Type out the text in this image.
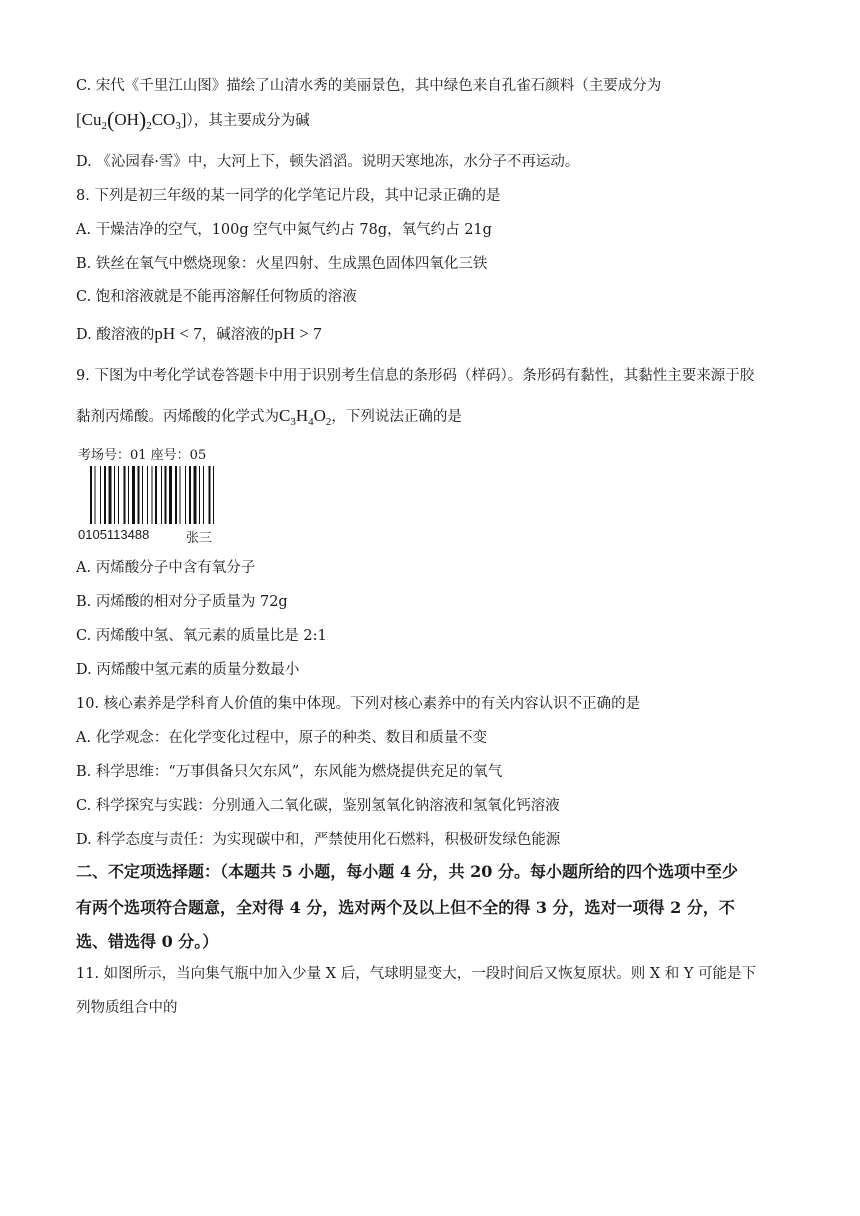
C. 宋代《千里江山图》描绘了山清水秀的美丽景色，其中绿色来自孔雀石颜料（主要成分为
$[Cu_2(OH)_2CO_3]$），其主要成分为碱
D. 《沁园春·雪》中，大河上下，顿失滔滔。说明天寒地冻，水分子不再运动。
8. 下列是初三年级的某一同学的化学笔记片段，其中记录正确的是
A. 干燥洁净的空气，100g 空气中氮气约占 78g，氧气约占 21g
B. 铁丝在氧气中燃烧现象：火星四射、生成黑色固体四氧化三铁
C. 饱和溶液就是不能再溶解任何物质的溶液
D. 酸溶液的pH < 7，碱溶液的pH > 7
9. 下图为中考化学试卷答题卡中用于识别考生信息的条形码（样码）。条形码有黏性，其黏性主要来源于胶
黏剂丙烯酸。丙烯酸的化学式为$C_3H_4O_2$，下列说法正确的是
考场号：01 座号：05
0105113488	张三
A. 丙烯酸分子中含有氧分子
B. 丙烯酸的相对分子质量为 72g
C. 丙烯酸中氢、氧元素的质量比是 2:1
D. 丙烯酸中氢元素的质量分数最小
10. 核心素养是学科育人价值的集中体现。下列对核心素养中的有关内容认识不正确的是
A. 化学观念：在化学变化过程中，原子的种类、数目和质量不变
B. 科学思维：“万事俱备只欠东风”，东风能为燃烧提供充足的氧气
C. 科学探究与实践：分别通入二氧化碳，鉴别氢氧化钠溶液和氢氧化钙溶液
D. 科学态度与责任：为实现碳中和，严禁使用化石燃料，积极研发绿色能源
二、不定项选择题：（本题共 5 小题，每小题 4 分，共 20 分。每小题所给的四个选项中至少
有两个选项符合题意，全对得 4 分，选对两个及以上但不全的得 3 分，选对一项得 2 分，不
选、错选得 0 分。）
11. 如图所示，当向集气瓶中加入少量 X 后，气球明显变大，一段时间后又恢复原状。则 X 和 Y 可能是下
列物质组合中的
